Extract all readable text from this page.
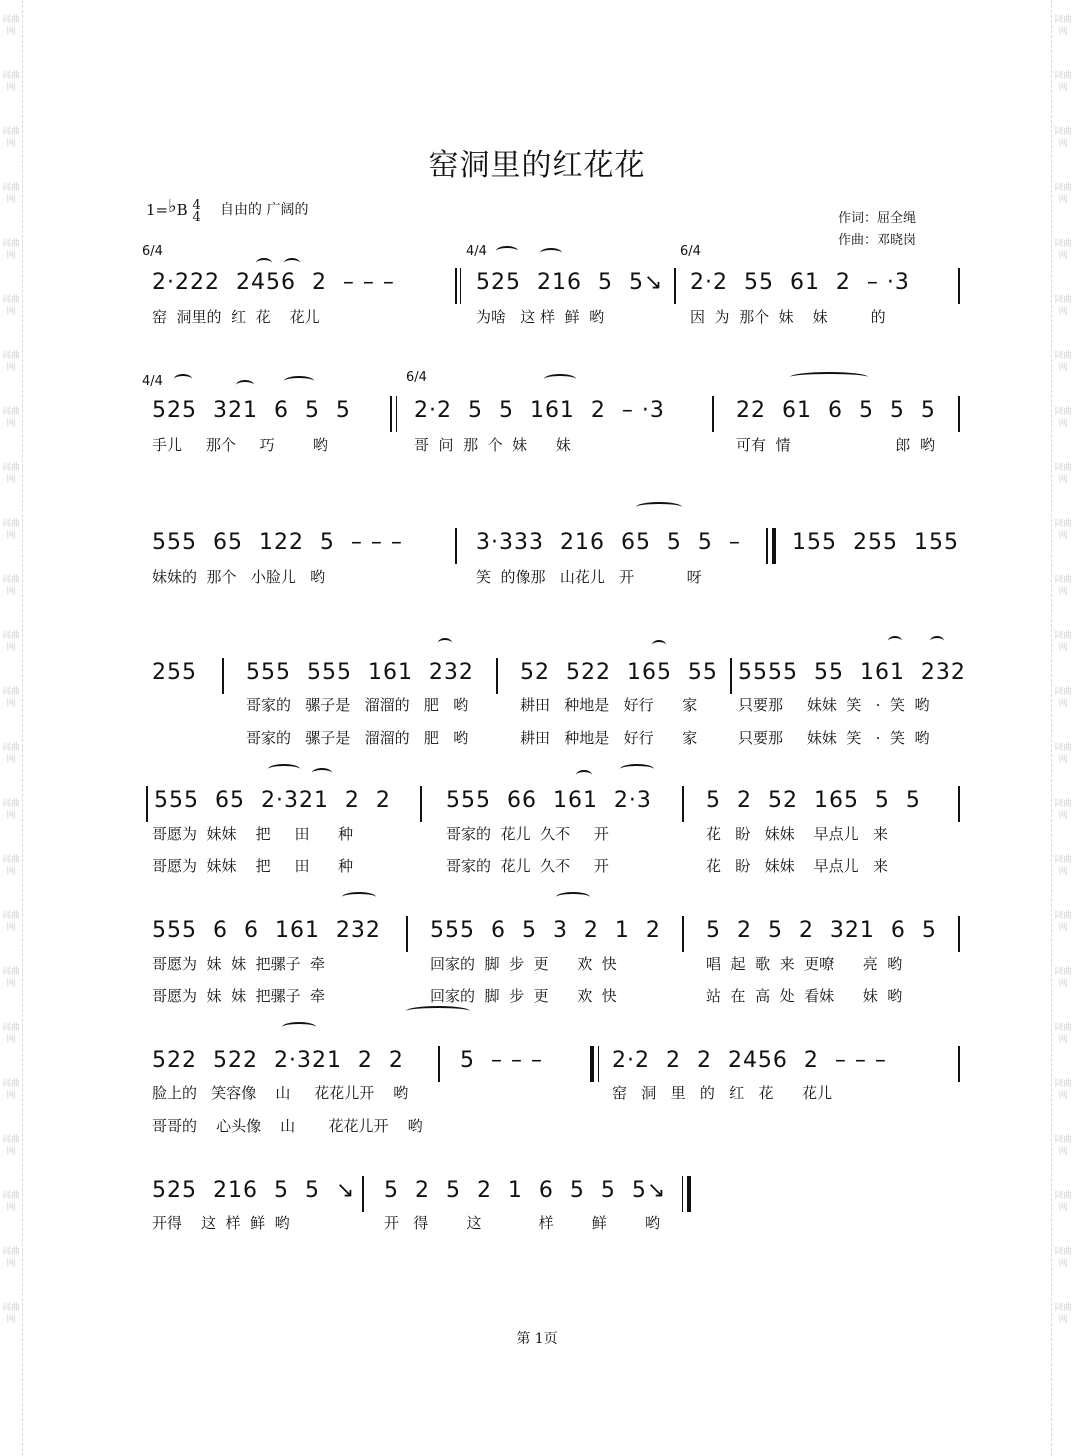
词曲网
词曲网
词曲网
词曲网
词曲网
词曲网
词曲网
词曲网
词曲网
词曲网
词曲网
词曲网
词曲网
词曲网
词曲网
词曲网
词曲网
词曲网
词曲网
词曲网
词曲网
词曲网
词曲网
词曲网
词曲网
词曲网
词曲网
词曲网
词曲网
词曲网
词曲网
词曲网
词曲网
词曲网
词曲网
词曲网
词曲网
词曲网
词曲网
词曲网
词曲网
词曲网
词曲网
词曲网
词曲网
词曲网
词曲网
词曲网
窑洞里的红花花
1=♭B 4
4 自由的 广阔的
作词：屈全绳
作曲：邓晓岗
6/4	4/4	6/4
4/4	6/4
2·222  2456  2  – – –	525  216  5  5↘ 2·2  55  61  2  – ·3
窑  洞里的  红  花    花儿	为啥   这 样  鲜  哟	因  为  那个  妹    妹         的
525  321  6  5  5	2·2  5  5  161  2  – ·3	22  61  6  5  5  5
手儿     那个     巧        哟	哥  问  那  个  妹      妹	可有  情                      郎  哟
555  65  122  5  – – –	3·333  216  65  5  5  – 155  255  155
妹妹的  那个   小脸儿   哟	笑  的像那   山花儿   开           呀
255 555  555  161  232 52  522  165  55 5555  55  161  232
哥家的   骡子是   溜溜的   肥   哟	耕田   种地是   好行      家	只要那     妹妹  笑   ·  笑  哟
哥家的   骡子是   溜溜的   肥   哟	耕田   种地是   好行      家	只要那     妹妹  笑   ·  笑  哟
555  65  2·321  2  2	555  66  161  2·3 5  2  52  165  5  5
哥愿为  妹妹    把     田      种	哥家的  花儿  久不     开	花   盼   妹妹    早点儿   来
哥愿为  妹妹    把     田      种	哥家的  花儿  久不     开	花   盼   妹妹    早点儿   来
555  6  6  161  232 555  6  5  3  2  1  2 5  2  5  2  321  6  5
哥愿为  妹  妹  把骡子  牵	回家的  脚  步  更      欢  快	唱  起  歌  来  更嘹      亮  哟
哥愿为  妹  妹  把骡子  牵	回家的  脚  步  更      欢  快	站  在  高  处  看妹      妹  哟
522  522  2·321  2  2	5  – – –	2·2  2  2  2456  2  – – –
脸上的   笑容像    山     花花儿开    哟	窑   洞   里   的   红   花      花儿
哥哥的    心头像    山       花花儿开    哟
525  216  5  5  ↘ 5  2  5  2  1  6  5  5  5↘
开得    这  样  鲜  哟	开   得        这            样        鲜        哟
第 1页
